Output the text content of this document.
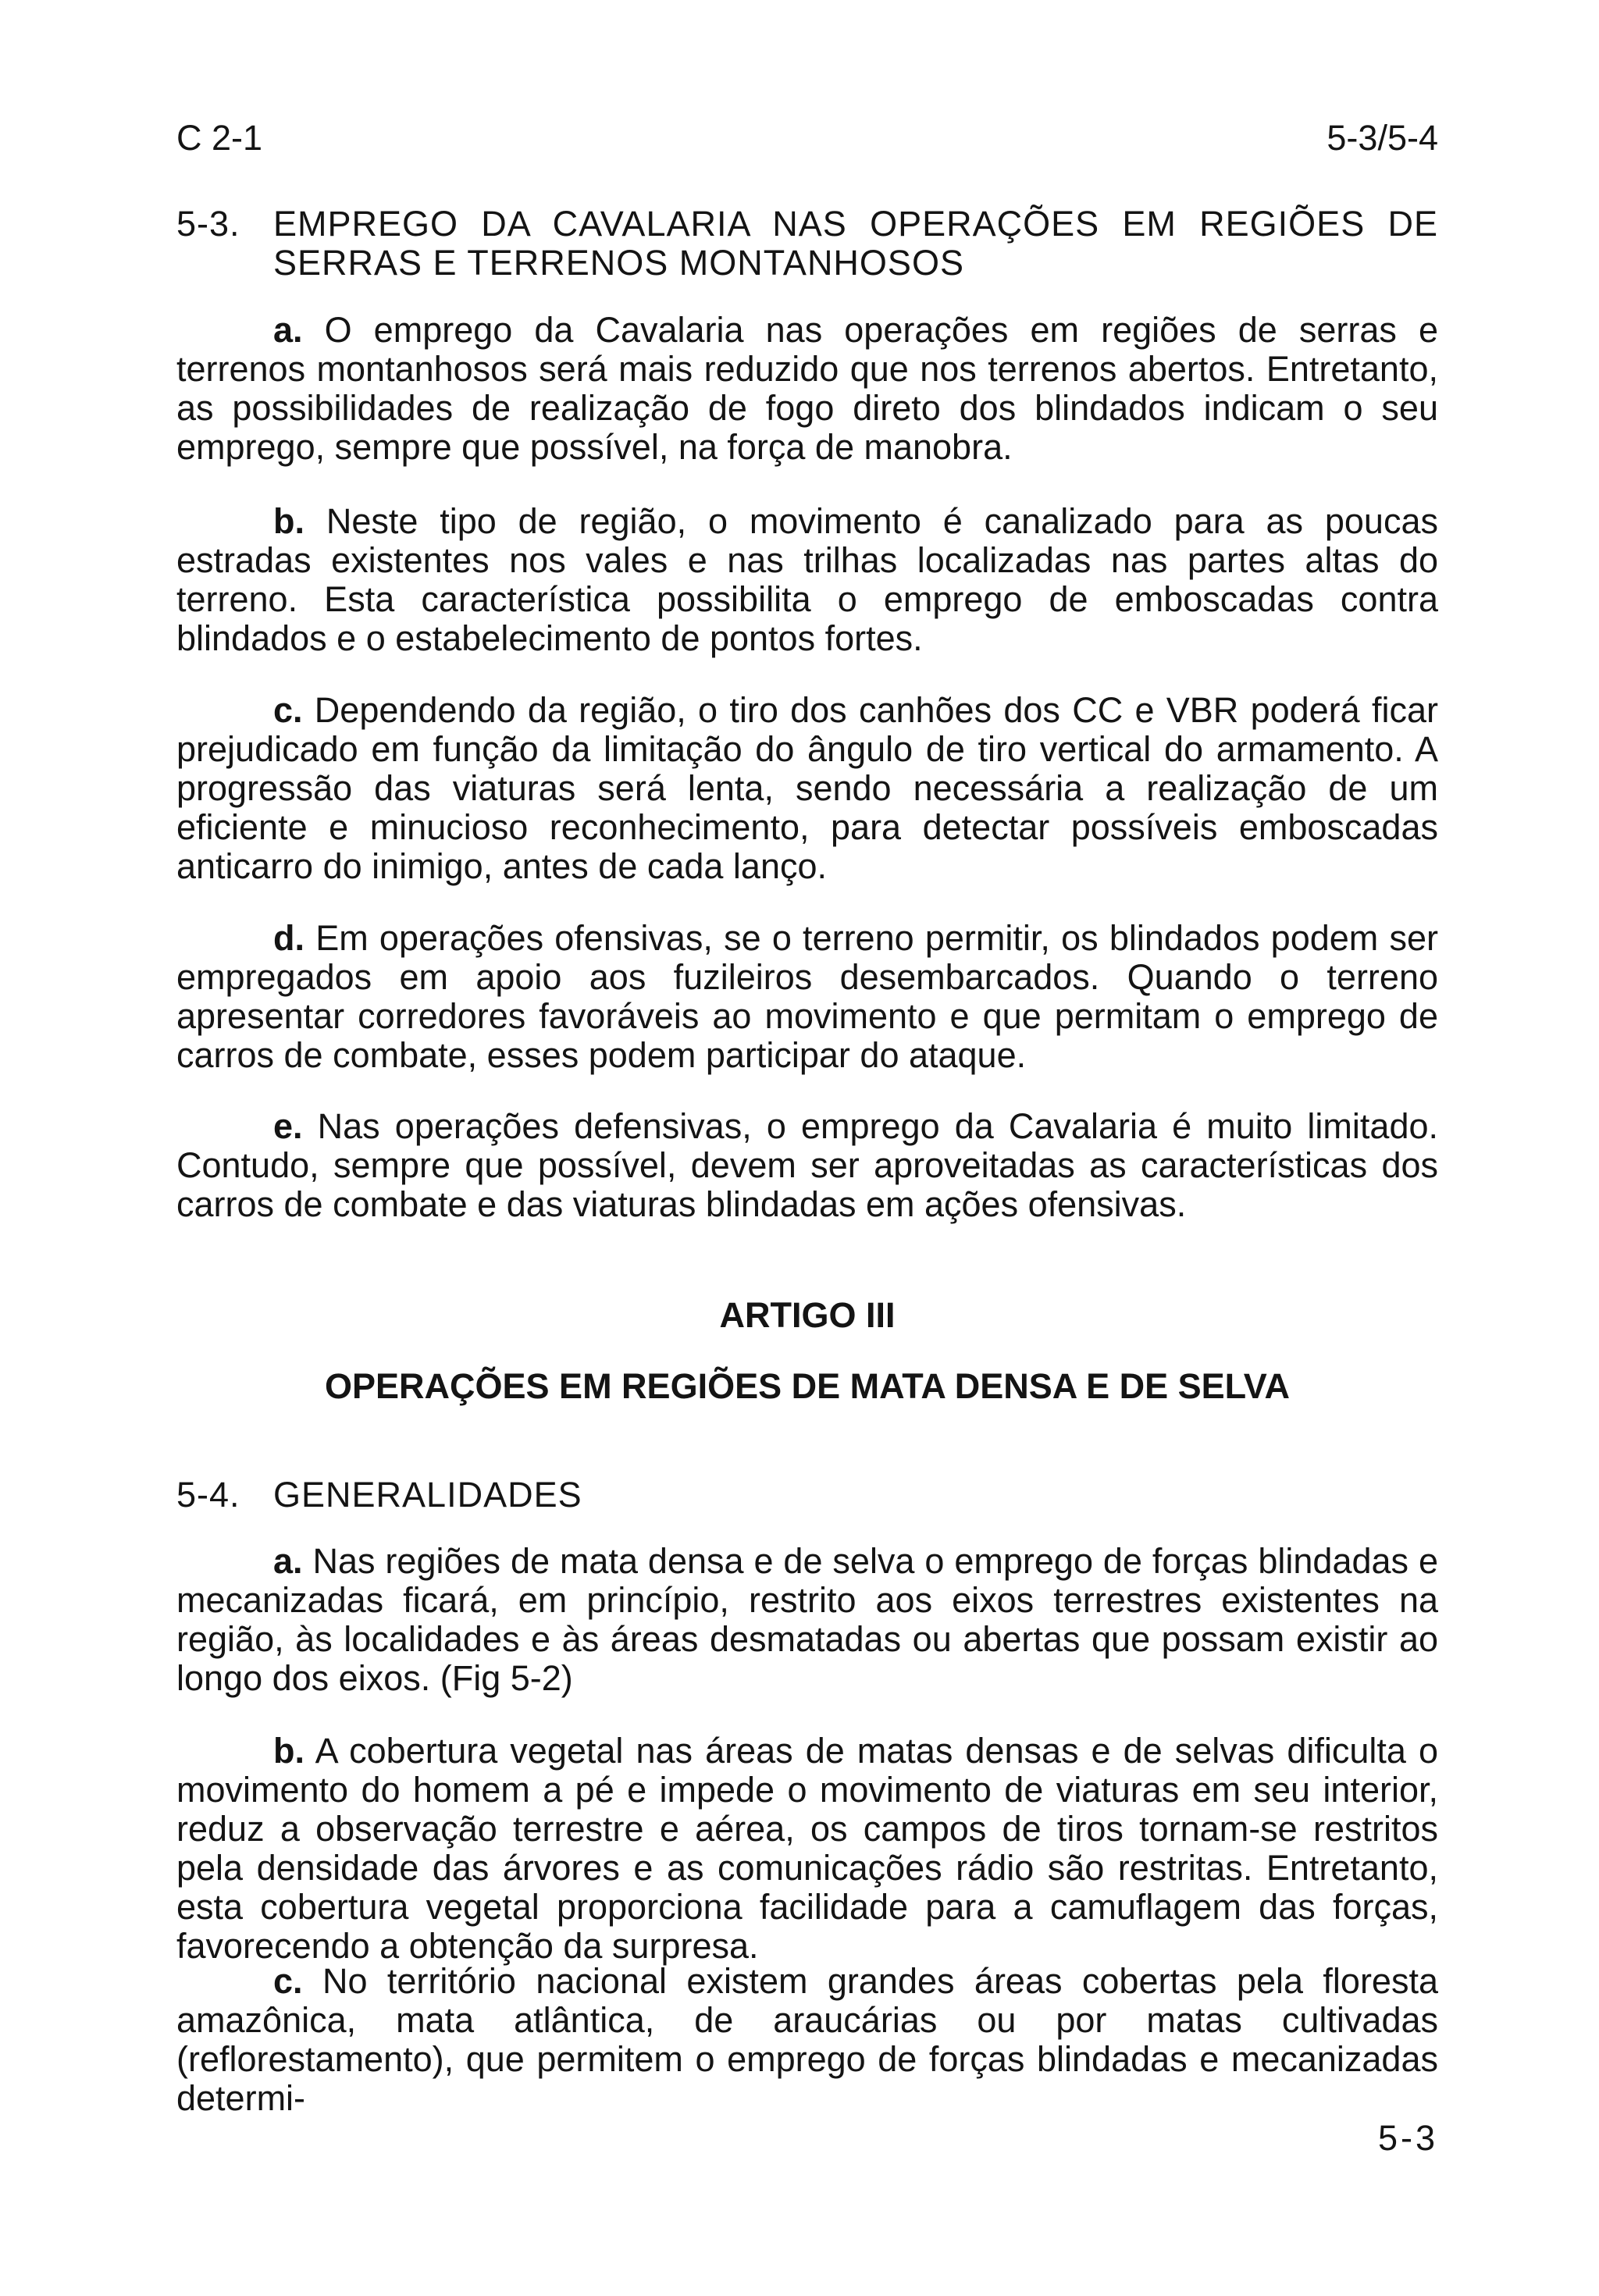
C 2-1	5-3/5-4
5-3. EMPREGO DA CAVALARIA NAS OPERAÇÕES EM REGIÕES DE SERRAS E TERRENOS MONTANHOSOS

a. O emprego da Cavalaria nas operações em regiões de serras e terrenos montanhosos será mais reduzido que nos terrenos abertos. Entretanto, as possibilidades de realização de fogo direto dos blindados indicam o seu emprego, sempre que possível, na força de manobra.

b. Neste tipo de região, o movimento é canalizado para as poucas estradas existentes nos vales e nas trilhas localizadas nas partes altas do terreno. Esta característica possibilita o emprego de emboscadas contra blindados e o estabelecimento de pontos fortes.

c. Dependendo da região, o tiro dos canhões dos CC e VBR poderá ficar prejudicado em função da limitação do ângulo de tiro vertical do armamento. A progressão das viaturas será lenta, sendo necessária a realização de um eficiente e minucioso reconhecimento, para detectar possíveis emboscadas anticarro do inimigo, antes de cada lanço.

d. Em operações ofensivas, se o terreno permitir, os blindados podem ser empregados em apoio aos fuzileiros desembarcados. Quando o terreno apresentar corredores favoráveis ao movimento e que permitam o emprego de carros de combate, esses podem participar do ataque.

e. Nas operações defensivas, o emprego da Cavalaria é muito limitado. Contudo, sempre que possível, devem ser aproveitadas as características dos carros de combate e das viaturas blindadas em ações ofensivas.

ARTIGO III
OPERAÇÕES EM REGIÕES DE MATA DENSA E DE SELVA
5-4. GENERALIDADES

a. Nas regiões de mata densa e de selva o emprego de forças blindadas e mecanizadas ficará, em princípio, restrito aos eixos terrestres existentes na região, às localidades e às áreas desmatadas ou abertas que possam existir ao longo dos eixos. (Fig 5-2)

b. A cobertura vegetal nas áreas de matas densas e de selvas dificulta o movimento do homem a pé e impede o movimento de viaturas em seu interior, reduz a observação terrestre e aérea, os campos de tiros tornam-se restritos pela densidade das árvores e as comunicações rádio são restritas. Entretanto, esta cobertura vegetal proporciona facilidade para a camuflagem das forças, favorecendo a obtenção da surpresa.

c. No território nacional existem grandes áreas cobertas pela floresta amazônica, mata atlântica, de araucárias ou por matas cultivadas (reflorestamento), que permitem o emprego de forças blindadas e mecanizadas determi-

5-3
